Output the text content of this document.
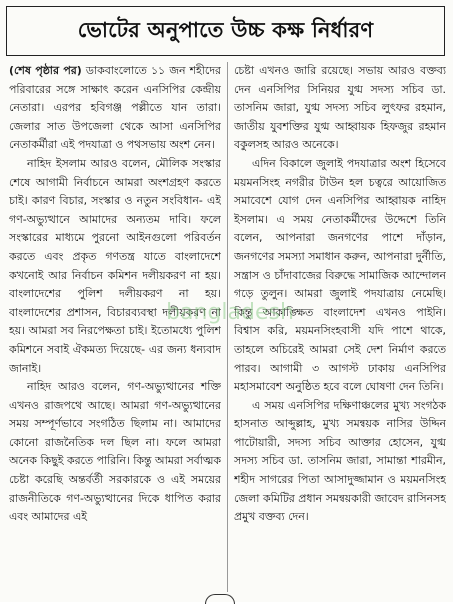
ভোটের অনুপাতে উচ্চ কক্ষ নির্ধারণ

(শেষ পৃষ্ঠার পর) ডাকবাংলোতে ১১ জন শহীদের পরিবারের সঙ্গে সাক্ষাৎ করেন এনসিপির কেন্দ্রীয় নেতারা। এরপর হবিগঞ্জ পল্লীতে যান তারা। জেলার সাত উপজেলা থেকে আসা এনসিপির নেতাকর্মীরা এই পদযাত্রা ও পথসভায় অংশ নেন।

নাহিদ ইসলাম আরও বলেন, মৌলিক সংস্কার শেষে আগামী নির্বাচনে আমরা অংশগ্রহণ করতে চাই। কারণ বিচার, সংস্কার ও নতুন সংবিধান- এই গণ-অভ্যুত্থানে আমাদের অন্যতম দাবি। ফলে সংস্কারের মাধ্যমে পুরনো আইনগুলো পরিবর্তন করতে এবং প্রকৃত গণতন্ত্র যাতে বাংলাদেশে কখনোই আর নির্বাচন কমিশন দলীয়করণ না হয়। বাংলাদেশের পুলিশ দলীয়করণ না হয়। বাংলাদেশের প্রশাসন, বিচারব্যবস্থা দলীয়করণ না হয়। আমরা সব নিরপেক্ষতা চাই। ইতোমধ্যে পুলিশ কমিশনে সবাই ঐকমত্য দিয়েছে- এর জন্য ধন্যবাদ জানাই।

নাহিদ আরও বলেন, গণ-অভ্যুত্থানের শক্তি এখনও রাজপথে আছে। আমরা গণ-অভ্যুত্থানের সময় সম্পূর্ণভাবে সংগঠিত ছিলাম না। আমাদের কোনো রাজনৈতিক দল ছিল না। ফলে আমরা অনেক কিছুই করতে পারিনি। কিন্তু আমরা সর্বাত্মক চেষ্টা করেছি অন্তর্বর্তী সরকারকে ও এই সময়ের রাজনীতিকে গণ-অভ্যুত্থানের দিকে ধাপিত করার এবং আমাদের এই

চেষ্টা এখনও জারি রয়েছে। সভায় আরও বক্তব্য দেন এনসিপির সিনিয়র যুগ্ম সদস্য সচিব ডা. তাসনিম জারা, যুগ্ম সদস্য সচিব লুৎফর রহমান, জাতীয় যুবশক্তির যুগ্ম আহ্বায়ক হিফজুর রহমান বকুলসহ আরও অনেকে।

এদিন বিকালে জুলাই পদযাত্রার অংশ হিসেবে ময়মনসিংহ নগরীর টাউন হল চত্বরে আয়োজিত সমাবেশে যোগ দেন এনসিপির আহ্বায়ক নাহিদ ইসলাম। এ সময় নেতাকর্মীদের উদ্দেশে তিনি বলেন, আপনারা জনগণের পাশে দাঁড়ান, জনগণের সমস্যা সমাধান করুন, আপনারা দুর্নীতি, সন্ত্রাস ও চাঁদাবাজের বিরুদ্ধে সামাজিক আন্দোলন গড়ে তুলুন। আমরা জুলাই পদযাত্রায় নেমেছি। কিন্তু আকাঙ্ক্ষিত বাংলাদেশ এখনও পাইনি। বিশ্বাস করি, ময়মনসিংহবাসী যদি পাশে থাকে, তাহলে অচিরেই আমরা সেই দেশ নির্মাণ করতে পারব। আগামী ৩ আগস্ট ঢাকায় এনসিপির মহাসমাবেশ অনুষ্ঠিত হবে বলে ঘোষণা দেন তিনি।

এ সময় এনসিপির দক্ষিণাঞ্চলের মুখ্য সংগঠক হাসনাত আব্দুল্লাহ, মুখ্য সমন্বয়ক নাসির উদ্দিন পাটোয়ারী, সদস্য সচিব আক্তার হোসেন, যুগ্ম সদস্য সচিব ডা. তাসনিম জারা, সামান্তা শারমীন, শহীদ সাগরের পিতা আসাদুজ্জামান ও ময়মনসিংহ জেলা কমিটির প্রধান সমন্বয়কারী জাবেদ রাসিনসহ প্রমুখ বক্তব্য দেন।

bangladesh
